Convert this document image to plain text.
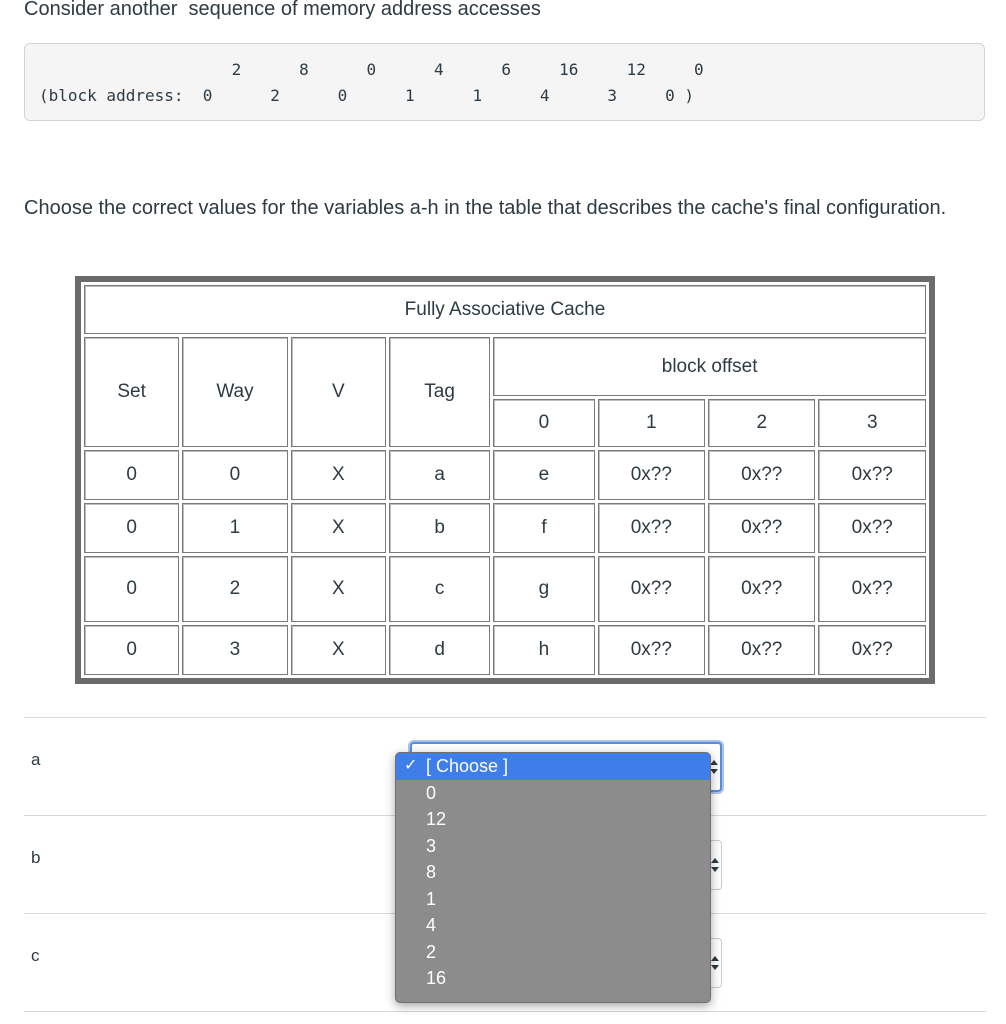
Consider another  sequence of memory address accesses
2      8      0      4      6     16     12     0
(block address:  0      2      0      1      1      4      3     0 )
Choose the correct values for the variables a-h in the table that describes the cache's final configuration.
Fully Associative Cache							
Set	Way	V	Tag	block offset			
				0	1	2	3
0	0	X	a	e	0x??	0x??	0x??
0	1	X	b	f	0x??	0x??	0x??
0	2	X	c	g	0x??	0x??	0x??
0	3	X	d	h	0x??	0x??	0x??
a
b
c
✓ [ Choose ]
0
12
3
8
1
4
2
16
